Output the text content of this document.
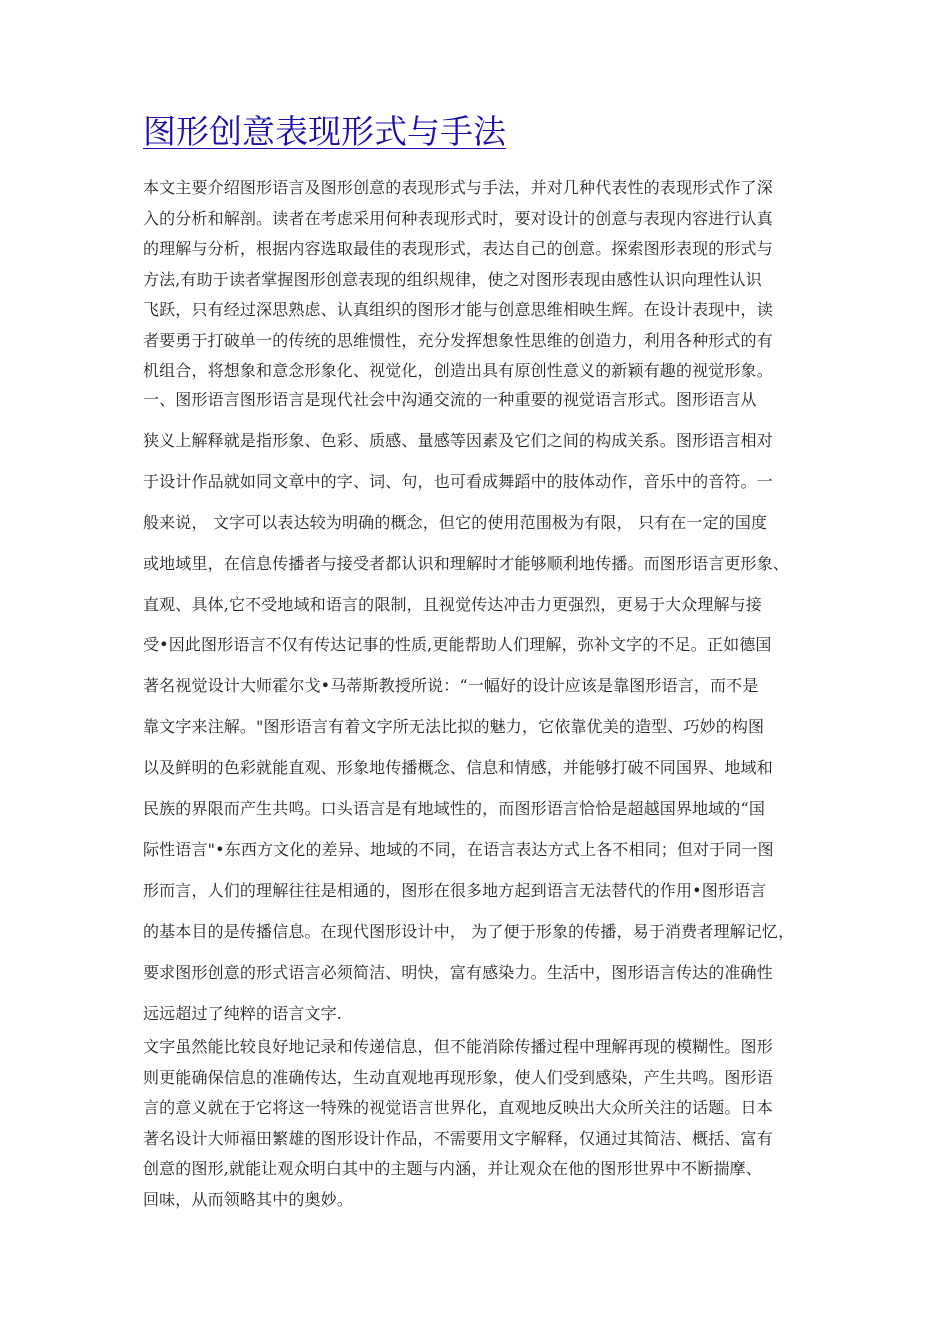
图形创意表现形式与手法
本文主要介绍图形语言及图形创意的表现形式与手法，并对几种代表性的表现形式作了深
入的分析和解剖。读者在考虑采用何种表现形式时，要对设计的创意与表现内容进行认真
的理解与分析，根据内容选取最佳的表现形式，表达自己的创意。探索图形表现的形式与
方法,有助于读者掌握图形创意表现的组织规律，使之对图形表现由感性认识向理性认识
飞跃，只有经过深思熟虑、认真组织的图形才能与创意思维相映生辉。在设计表现中，读
者要勇于打破单一的传统的思维惯性，充分发挥想象性思维的创造力，利用各种形式的有
机组合，将想象和意念形象化、视觉化，创造出具有原创性意义的新颖有趣的视觉形象。
一、图形语言图形语言是现代社会中沟通交流的一种重要的视觉语言形式。图形语言从
狭义上解释就是指形象、色彩、质感、量感等因素及它们之间的构成关系。图形语言相对
于设计作品就如同文章中的字、词、句，也可看成舞蹈中的肢体动作，音乐中的音符。一
般来说， 文字可以表达较为明确的概念，但它的使用范围极为有限， 只有在一定的国度
或地域里，在信息传播者与接受者都认识和理解时才能够顺利地传播。而图形语言更形象、
直观、具体,它不受地域和语言的限制，且视觉传达冲击力更强烈，更易于大众理解与接
受•因此图形语言不仅有传达记事的性质,更能帮助人们理解，弥补文字的不足。正如德国
著名视觉设计大师霍尔戈•马蒂斯教授所说：“一幅好的设计应该是靠图形语言，而不是
靠文字来注解。"图形语言有着文字所无法比拟的魅力，它依靠优美的造型、巧妙的构图
以及鲜明的色彩就能直观、形象地传播概念、信息和情感，并能够打破不同国界、地域和
民族的界限而产生共鸣。口头语言是有地域性的，而图形语言恰恰是超越国界地域的“国
际性语言"•东西方文化的差异、地域的不同，在语言表达方式上各不相同；但对于同一图
形而言，人们的理解往往是相通的，图形在很多地方起到语言无法替代的作用•图形语言
的基本目的是传播信息。在现代图形设计中， 为了便于形象的传播，易于消费者理解记忆，
要求图形创意的形式语言必须简洁、明快，富有感染力。生活中，图形语言传达的准确性
远远超过了纯粹的语言文字.
文字虽然能比较良好地记录和传递信息，但不能消除传播过程中理解再现的模糊性。图形
则更能确保信息的准确传达，生动直观地再现形象，使人们受到感染，产生共鸣。图形语
言的意义就在于它将这一特殊的视觉语言世界化，直观地反映出大众所关注的话题。日本
著名设计大师福田繁雄的图形设计作品，不需要用文字解释，仅通过其简洁、概括、富有
创意的图形,就能让观众明白其中的主题与内涵，并让观众在他的图形世界中不断揣摩、
回味，从而领略其中的奥妙。
